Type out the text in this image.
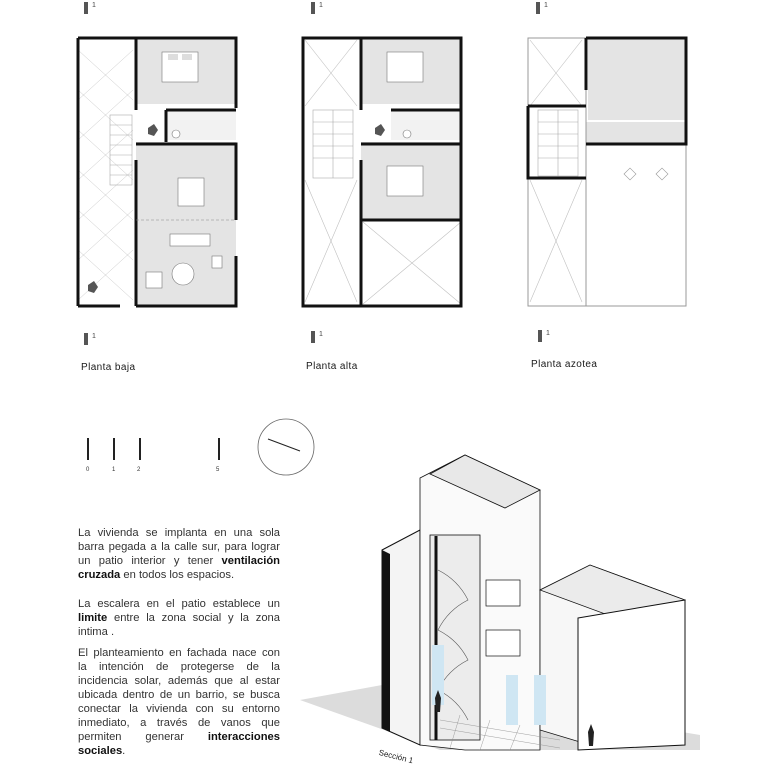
1	1	1
1	1	1
Planta baja	Planta alta	Planta azotea
0	1	2	5

La vivienda se implanta en una sola barra pegada a la calle sur, para lograr un patio interior y tener ventilación cruzada en todos los espacios.

La escalera en el patio establece un limite entre la zona social y la zona intima .

El planteamiento en fachada nace con la intención de protegerse de la incidencia solar, además que al estar ubicada dentro de un barrio, se busca conectar la vivienda con su entorno inmediato, a través de vanos que permiten generar interacciones sociales.	Sección 1
